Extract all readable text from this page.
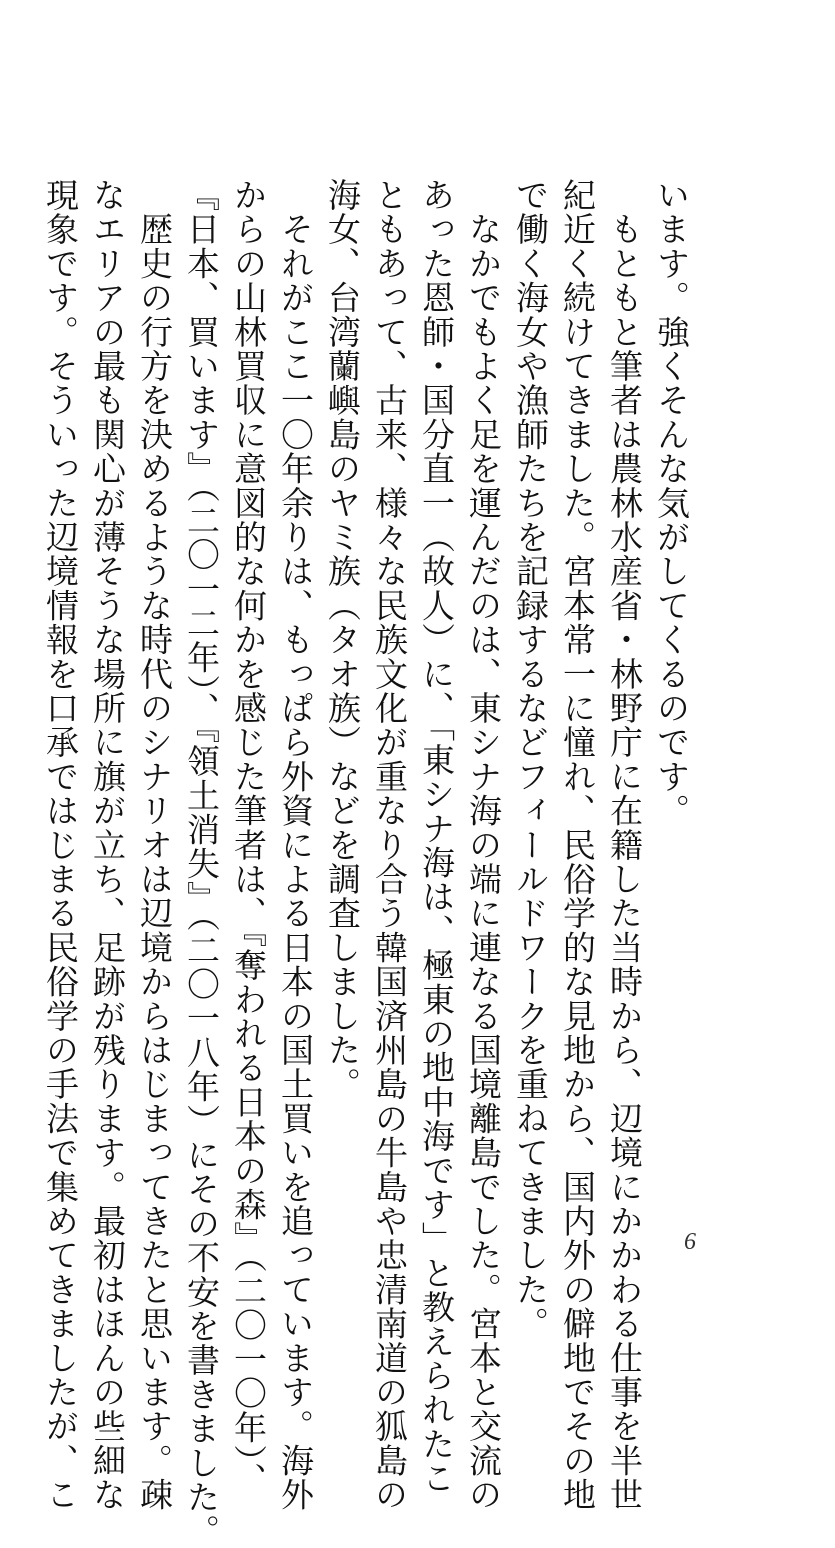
います。強くそんな気がしてくるのです。
　もともと筆者は農林水産省・林野庁に在籍した当時から、辺境にかかわる仕事を半世
紀近く続けてきました。宮本常一に憧れ、民俗学的な見地から、国内外の僻地でその地
で働く海女や漁師たちを記録するなどフィールドワークを重ねてきました。
　なかでもよく足を運んだのは、東シナ海の端に連なる国境離島でした。宮本と交流の
あった恩師・国分直一（故人）に、「東シナ海は、極東の地中海です」と教えられたこ
ともあって、古来、様々な民族文化が重なり合う韓国済州島の牛島や忠清南道の狐島の
海女、台湾蘭嶼島のヤミ族（タオ族）などを調査しました。
　それがここ一〇年余りは、もっぱら外資による日本の国土買いを追っています。海外
からの山林買収に意図的な何かを感じた筆者は、『奪われる日本の森』（二〇一〇年）、
『日本、買います』（二〇一二年）、『領土消失』（二〇一八年）にその不安を書きました。
　歴史の行方を決めるような時代のシナリオは辺境からはじまってきたと思います。疎
なエリアの最も関心が薄そうな場所に旗が立ち、足跡が残ります。最初はほんの些細な
現象です。そういった辺境情報を口承ではじまる民俗学の手法で集めてきましたが、こ	6
